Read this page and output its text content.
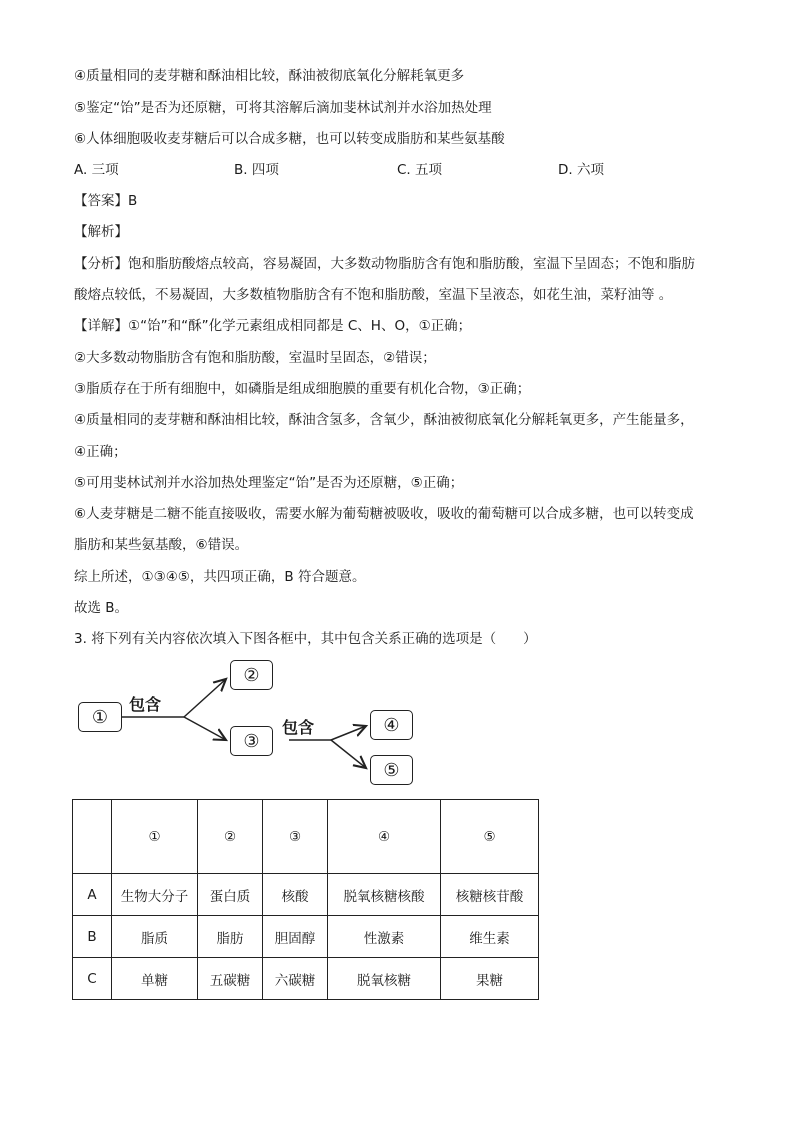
④质量相同的麦芽糖和酥油相比较，酥油被彻底氧化分解耗氧更多
⑤鉴定“饴”是否为还原糖，可将其溶解后滴加斐林试剂并水浴加热处理
⑥人体细胞吸收麦芽糖后可以合成多糖，也可以转变成脂肪和某些氨基酸
A. 三项	B. 四项	C. 五项	D. 六项
【答案】B
【解析】
【分析】饱和脂肪酸熔点较高，容易凝固，大多数动物脂肪含有饱和脂肪酸，室温下呈固态；不饱和脂肪
酸熔点较低，不易凝固，大多数植物脂肪含有不饱和脂肪酸，室温下呈液态，如花生油，菜籽油等 。
【详解】①“饴”和“酥”化学元素组成相同都是 C、H、O，①正确；
②大多数动物脂肪含有饱和脂肪酸，室温时呈固态，②错误；
③脂质存在于所有细胞中，如磷脂是组成细胞膜的重要有机化合物，③正确；
④质量相同的麦芽糖和酥油相比较，酥油含氢多，含氧少，酥油被彻底氧化分解耗氧更多，产生能量多，
④正确；
⑤可用斐林试剂并水浴加热处理鉴定“饴”是否为还原糖，⑤正确；
⑥人麦芽糖是二糖不能直接吸收，需要水解为葡萄糖被吸收，吸收的葡萄糖可以合成多糖，也可以转变成
脂肪和某些氨基酸，⑥错误。
综上所述，①③④⑤，共四项正确，B 符合题意。
故选 B。
3. 将下列有关内容依次填入下图各框中，其中包含关系正确的选项是（　　）
①
②
③
④
⑤
包含
包含
	①	②	③	④	⑤
A	生物大分子	蛋白质	核酸	脱氧核糖核酸	核糖核苷酸
B	脂质	脂肪	胆固醇	性激素	维生素
C	单糖	五碳糖	六碳糖	脱氧核糖	果糖
